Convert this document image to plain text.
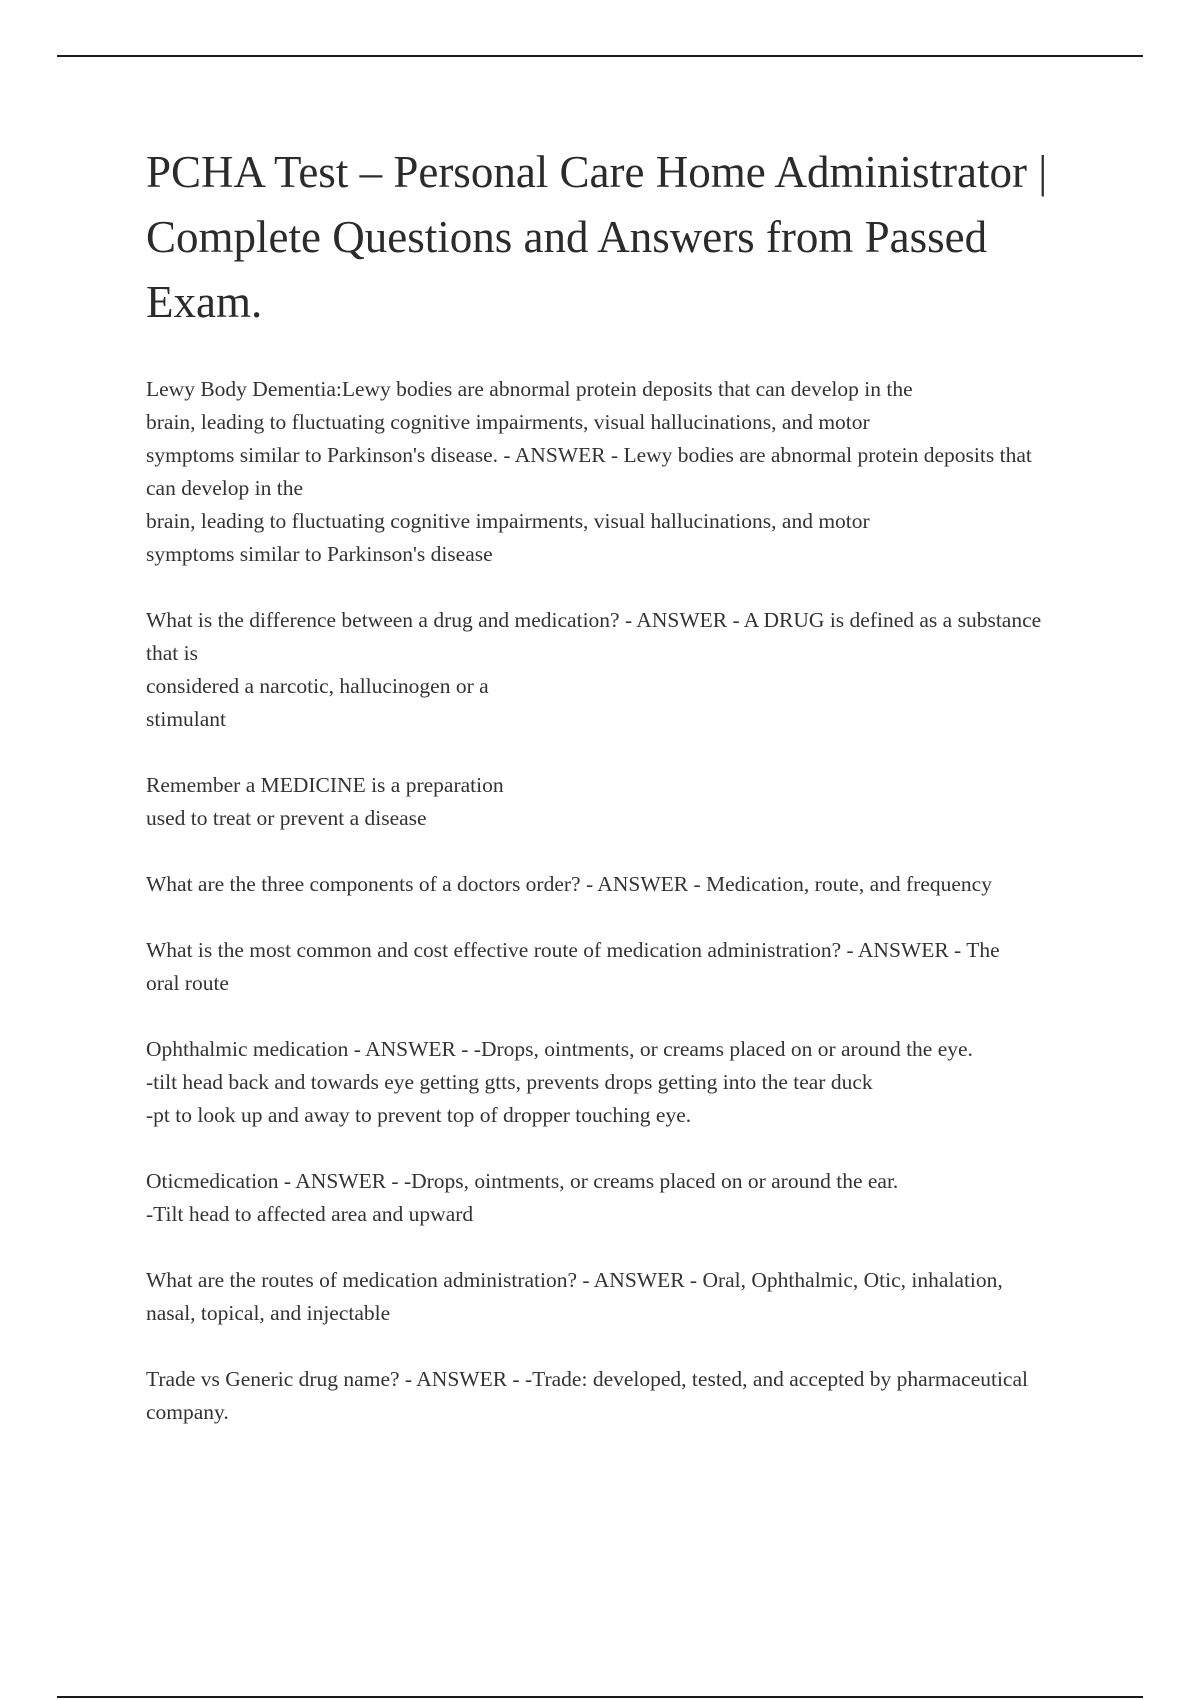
PCHA Test – Personal Care Home Administrator |
Complete Questions and Answers from Passed
Exam.

Lewy Body Dementia:Lewy bodies are abnormal protein deposits that can develop in the
brain, leading to fluctuating cognitive impairments, visual hallucinations, and motor
symptoms similar to Parkinson's disease. - ANSWER - Lewy bodies are abnormal protein deposits that
can develop in the
brain, leading to fluctuating cognitive impairments, visual hallucinations, and motor
symptoms similar to Parkinson's disease

What is the difference between a drug and medication? - ANSWER - A DRUG is defined as a substance
that is
considered a narcotic, hallucinogen or a
stimulant

Remember a MEDICINE is a preparation
used to treat or prevent a disease

What are the three components of a doctors order? - ANSWER - Medication, route, and frequency

What is the most common and cost effective route of medication administration? - ANSWER - The
oral route

Ophthalmic medication - ANSWER - -Drops, ointments, or creams placed on or around the eye.
-tilt head back and towards eye getting gtts, prevents drops getting into the tear duck
-pt to look up and away to prevent top of dropper touching eye.

Oticmedication - ANSWER - -Drops, ointments, or creams placed on or around the ear.
-Tilt head to affected area and upward

What are the routes of medication administration? - ANSWER - Oral, Ophthalmic, Otic, inhalation,
nasal, topical, and injectable

Trade vs Generic drug name? - ANSWER - -Trade: developed, tested, and accepted by pharmaceutical
company.
